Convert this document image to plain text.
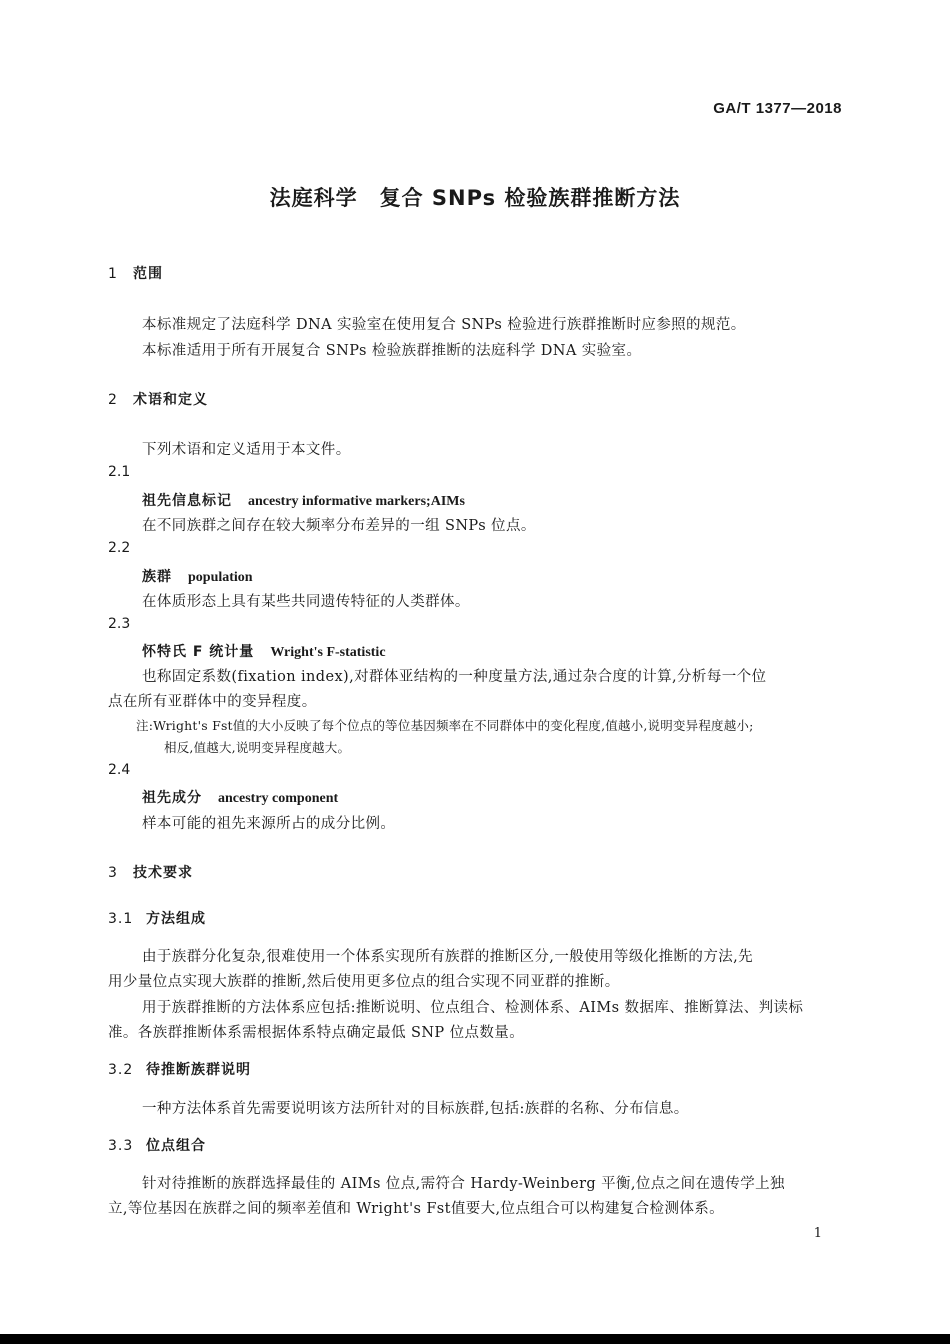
GA/T 1377—2018
法庭科学　复合 SNPs 检验族群推断方法
1 范围
本标准规定了法庭科学 DNA 实验室在使用复合 SNPs 检验进行族群推断时应参照的规范。
本标准适用于所有开展复合 SNPs 检验族群推断的法庭科学 DNA 实验室。
2 术语和定义
下列术语和定义适用于本文件。
2.1
祖先信息标记 ancestry informative markers;AIMs
在不同族群之间存在较大频率分布差异的一组 SNPs 位点。
2.2
族群 population
在体质形态上具有某些共同遗传特征的人类群体。
2.3
怀特氏 F 统计量 Wright's F-statistic
也称固定系数(fixation index),对群体亚结构的一种度量方法,通过杂合度的计算,分析每一个位
点在所有亚群体中的变异程度。
注:Wright's Fst值的大小反映了每个位点的等位基因频率在不同群体中的变化程度,值越小,说明变异程度越小;
相反,值越大,说明变异程度越大。
2.4
祖先成分 ancestry component
样本可能的祖先来源所占的成分比例。
3 技术要求
3.1 方法组成
由于族群分化复杂,很难使用一个体系实现所有族群的推断区分,一般使用等级化推断的方法,先
用少量位点实现大族群的推断,然后使用更多位点的组合实现不同亚群的推断。
用于族群推断的方法体系应包括:推断说明、位点组合、检测体系、AIMs 数据库、推断算法、判读标
准。各族群推断体系需根据体系特点确定最低 SNP 位点数量。
3.2 待推断族群说明
一种方法体系首先需要说明该方法所针对的目标族群,包括:族群的名称、分布信息。
3.3 位点组合
针对待推断的族群选择最佳的 AIMs 位点,需符合 Hardy-Weinberg 平衡,位点之间在遗传学上独
立,等位基因在族群之间的频率差值和 Wright's Fst值要大,位点组合可以构建复合检测体系。
1
